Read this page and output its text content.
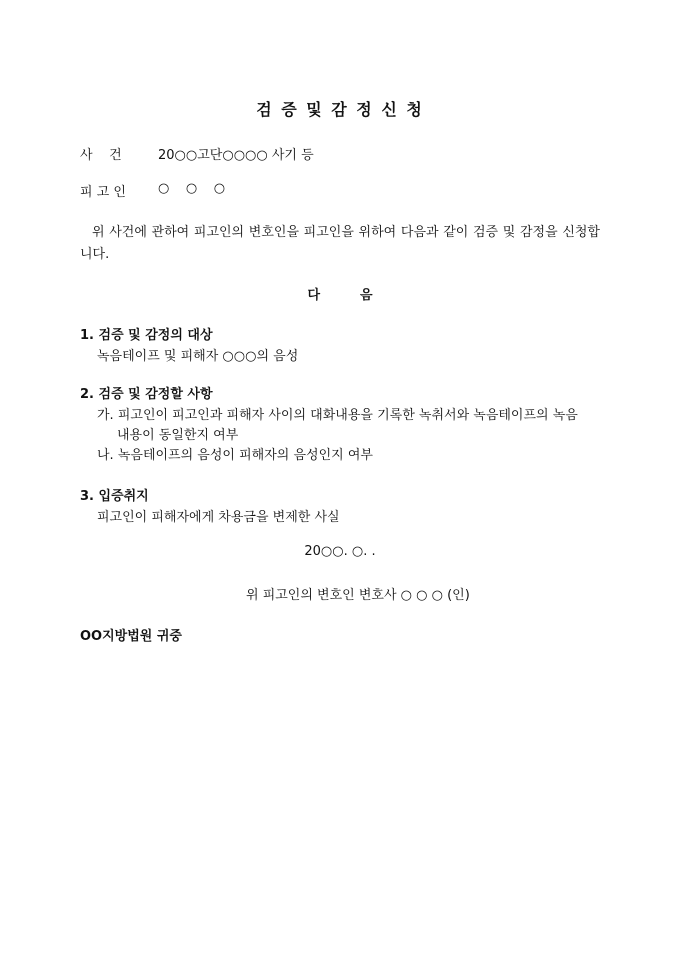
검 증 및 감 정 신 청
사    건	20○○고단○○○○ 사기 등
피 고 인 ○    ○    ○
위 사건에 관하여 피고인의 변호인을 피고인을 위하여 다음과 같이 검증 및 감정을 신청합니다.
다음
1. 검증 및 감정의 대상
녹음테이프 및 피해자 ○○○의 음성
2. 검증 및 감정할 사항
가. 피고인이 피고인과 피해자 사이의 대화내용을 기록한 녹취서와 녹음테이프의 녹음
내용이 동일한지 여부
나. 녹음테이프의 음성이 피해자의 음성인지 여부
3. 입증취지
피고인이 피해자에게 차용금을 변제한 사실
20○○. ○. .
위 피고인의 변호인 변호사 ○ ○ ○ (인)
OO지방법원 귀중
